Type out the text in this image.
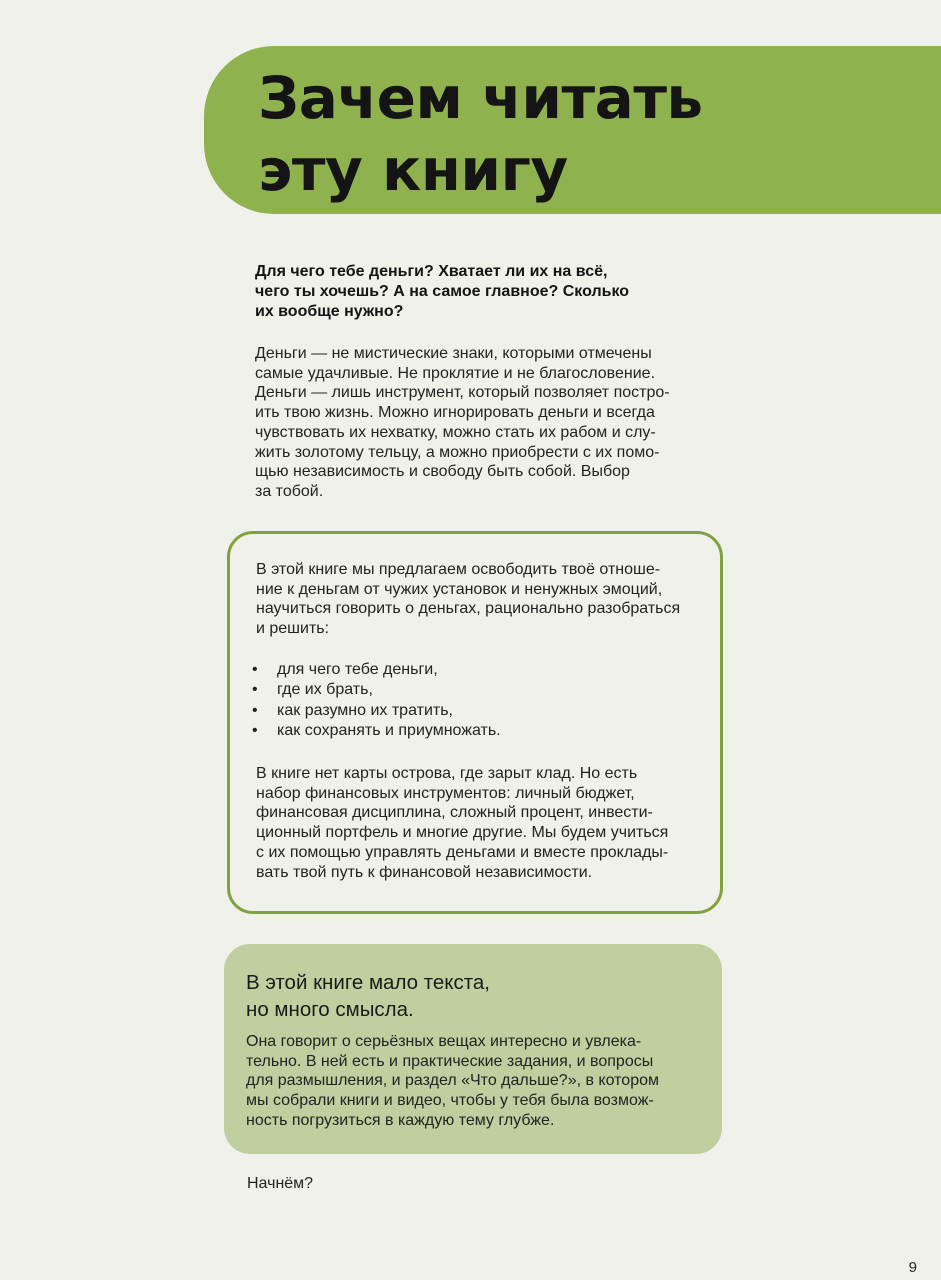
Зачем читать
эту книгу

Для чего тебе деньги? Хватает ли их на всё,
чего ты хочешь? А на самое главное? Сколько
их вообще нужно?

Деньги — не мистические знаки, которыми отмечены
самые удачливые. Не проклятие и не благословение.
Деньги — лишь инструмент, который позволяет постро-
ить твою жизнь. Можно игнорировать деньги и всегда
чувствовать их нехватку, можно стать их рабом и слу-
жить золотому тельцу, а можно приобрести с их помо-
щью независимость и свободу быть собой. Выбор
за тобой.

В этой книге мы предлагаем освободить твоё отноше-
ние к деньгам от чужих установок и ненужных эмоций,
научиться говорить о деньгах, рационально разобраться
и решить:

• для чего тебе деньги,
• где их брать,
• как разумно их тратить,
• как сохранять и приумножать.

В книге нет карты острова, где зарыт клад. Но есть
набор финансовых инструментов: личный бюджет,
финансовая дисциплина, сложный процент, инвести-
ционный портфель и многие другие. Мы будем учиться
с их помощью управлять деньгами и вместе проклады-
вать твой путь к финансовой независимости.

В этой книге мало текста,
но много смысла.

Она говорит о серьёзных вещах интересно и увлека-
тельно. В ней есть и практические задания, и вопросы
для размышления, и раздел «Что дальше?», в котором
мы собрали книги и видео, чтобы у тебя была возмож-
ность погрузиться в каждую тему глубже.

Начнём?

9
